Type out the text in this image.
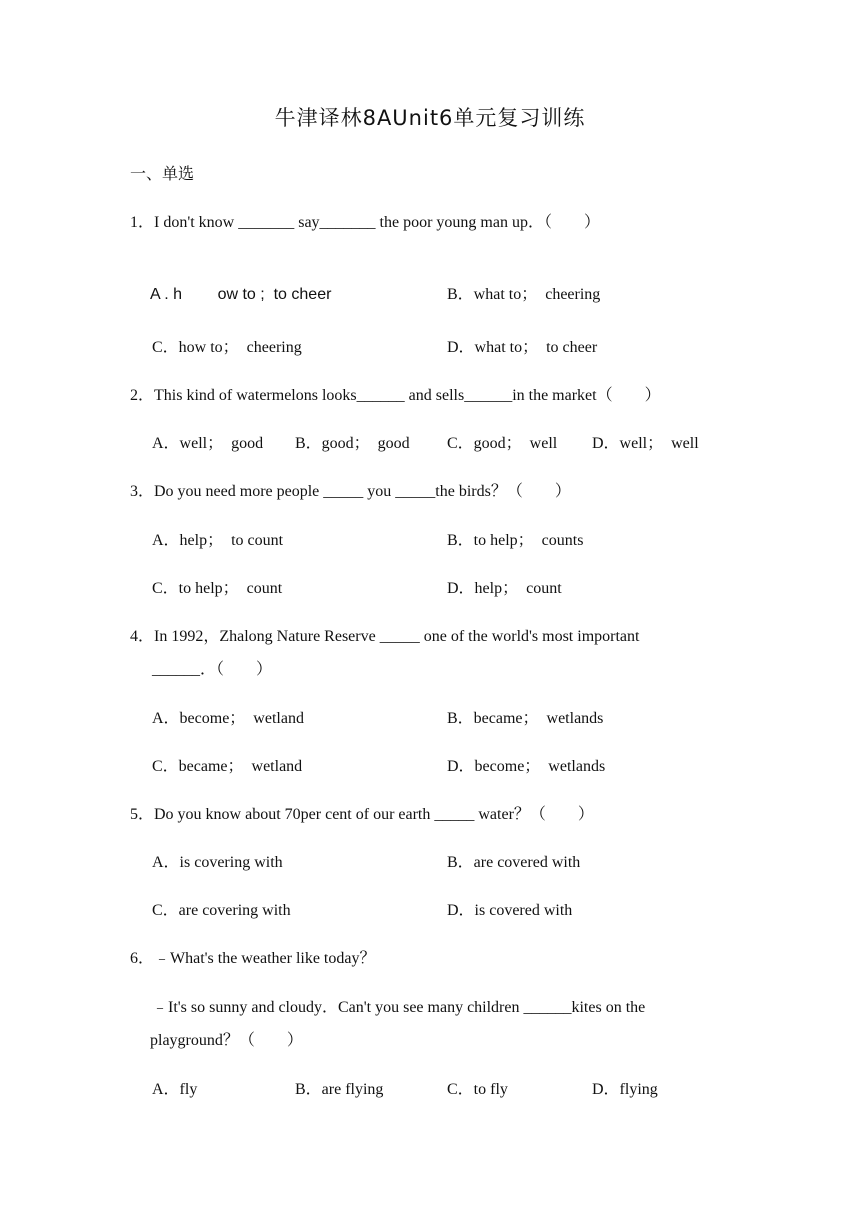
牛津译林8AUnit6单元复习训练
一、单选
1．I don't know _______ say_______ the poor young man up．（　　）
A . h        ow to ;  to cheer	B．what to；  cheering
C．how to；  cheering	D．what to；  to cheer
2．This kind of watermelons looks______ and sells______in the market（　　）
A．well；  good B．good；  good C．good；  well D．well；  well
3．Do you need more people _____ you _____the birds？（　　）
A．help；  to count	B．to help；  counts
C．to help；  count	D．help；  count
4．In 1992，Zhalong Nature Reserve _____ one of the world's most important
______．（　　）
A．become；  wetland	B．became；  wetlands
C．became；  wetland	D．become；  wetlands
5．Do you know about 70per cent of our earth _____ water？（　　）
A．is covering with	B．are covered with
C．are covering with	D．is covered with
6．﹣What's the weather like today？
﹣It's so sunny and cloudy．Can't you see many children ______kites on the
playground？（　　）
A．fly	B．are flying	C．to fly	D．flying
